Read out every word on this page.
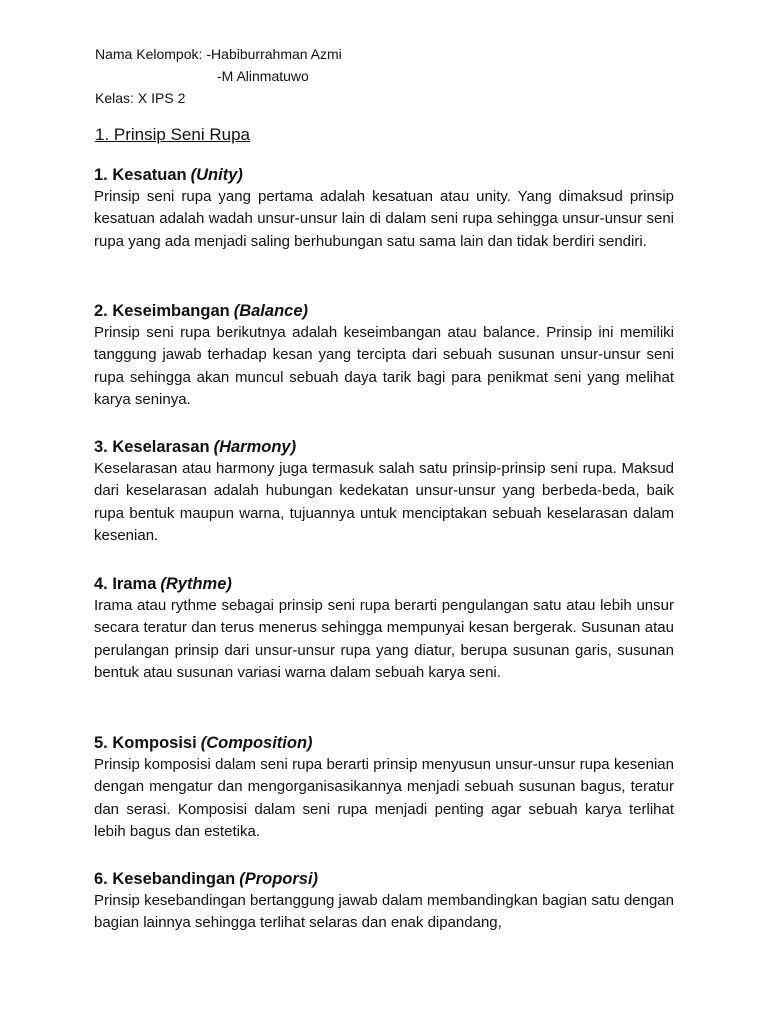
Nama Kelompok: -Habiburrahman Azmi
-M Alinmatuwo
Kelas: X IPS 2
1. Prinsip Seni Rupa
1. Kesatuan (Unity)

Prinsip seni rupa yang pertama adalah kesatuan atau unity. Yang dimaksud prinsip kesatuan adalah wadah unsur-unsur lain di dalam seni rupa sehingga unsur-unsur seni rupa yang ada menjadi saling berhubungan satu sama lain dan tidak berdiri sendiri.

2. Keseimbangan (Balance)

Prinsip seni rupa berikutnya adalah keseimbangan atau balance. Prinsip ini memiliki tanggung jawab terhadap kesan yang tercipta dari sebuah susunan unsur-unsur seni rupa sehingga akan muncul sebuah daya tarik bagi para penikmat seni yang melihat karya seninya.

3. Keselarasan (Harmony)

Keselarasan atau harmony juga termasuk salah satu prinsip-prinsip seni rupa. Maksud dari keselarasan adalah hubungan kedekatan unsur-unsur yang berbeda-beda, baik rupa bentuk maupun warna, tujuannya untuk menciptakan sebuah keselarasan dalam kesenian.

4. Irama (Rythme)

Irama atau rythme sebagai prinsip seni rupa berarti pengulangan satu atau lebih unsur secara teratur dan terus menerus sehingga mempunyai kesan bergerak. Susunan atau perulangan prinsip dari unsur-unsur rupa yang diatur, berupa susunan garis, susunan bentuk atau susunan variasi warna dalam sebuah karya seni.

5. Komposisi (Composition)

Prinsip komposisi dalam seni rupa berarti prinsip menyusun unsur-unsur rupa kesenian dengan mengatur dan mengorganisasikannya menjadi sebuah susunan bagus, teratur dan serasi. Komposisi dalam seni rupa menjadi penting agar sebuah karya terlihat lebih bagus dan estetika.

6. Kesebandingan (Proporsi)

Prinsip kesebandingan bertanggung jawab dalam membandingkan bagian satu dengan bagian lainnya sehingga terlihat selaras dan enak dipandang,
